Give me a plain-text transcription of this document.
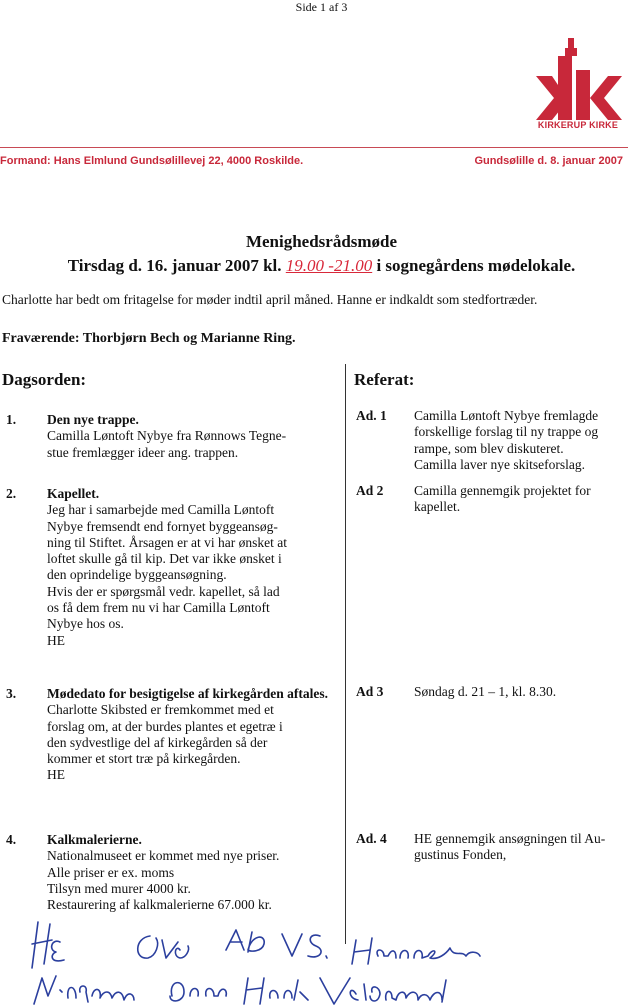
Side 1 af 3
KIRKERUP KIRKE
Formand: Hans Elmlund Gundsølillevej 22, 4000 Roskilde.	Gundsølille d. 8. januar 2007
Menighedsrådsmøde
Tirsdag d. 16. januar 2007 kl. 19.00 -21.00 i sognegårdens mødelokale.
Charlotte har bedt om fritagelse for møder indtil april måned. Hanne er indkaldt som stedfortræder.
Fraværende: Thorbjørn Bech og Marianne Ring.
Dagsorden:	Referat:
1. Den nye trappe.
Camilla Løntoft Nybye fra Rønnows Tegne-
stue fremlægger ideer ang. trappen.
2. Kapellet.
Jeg har i samarbejde med Camilla Løntoft
Nybye fremsendt end fornyet byggeansøg-
ning til Stiftet. Årsagen er at vi har ønsket at
loftet skulle gå til kip. Det var ikke ønsket i
den oprindelige byggeansøgning.
Hvis der er spørgsmål vedr. kapellet, så lad
os få dem frem nu vi har Camilla Løntoft
Nybye hos os.
HE
3. Mødedato for besigtigelse af kirkegården aftales.
Charlotte Skibsted er fremkommet med et
forslag om, at der burdes plantes et egetræ i
den sydvestlige del af kirkegården så der
kommer et stort træ på kirkegården.
HE
4. Kalkmalerierne.
Nationalmuseet er kommet med nye priser.
Alle priser er ex. moms
Tilsyn med murer 4000 kr.
Restaurering af kalkmalerierne 67.000 kr.
Ad. 1 Camilla Løntoft Nybye fremlagde
forskellige forslag til ny trappe og
rampe, som blev diskuteret.
Camilla laver nye skitseforslag.
Ad 2 Camilla gennemgik projektet for
kapellet.
Ad 3 Søndag d. 21 – 1, kl. 8.30.
Ad. 4 HE gennemgik ansøgningen til Au-
gustinus Fonden,
